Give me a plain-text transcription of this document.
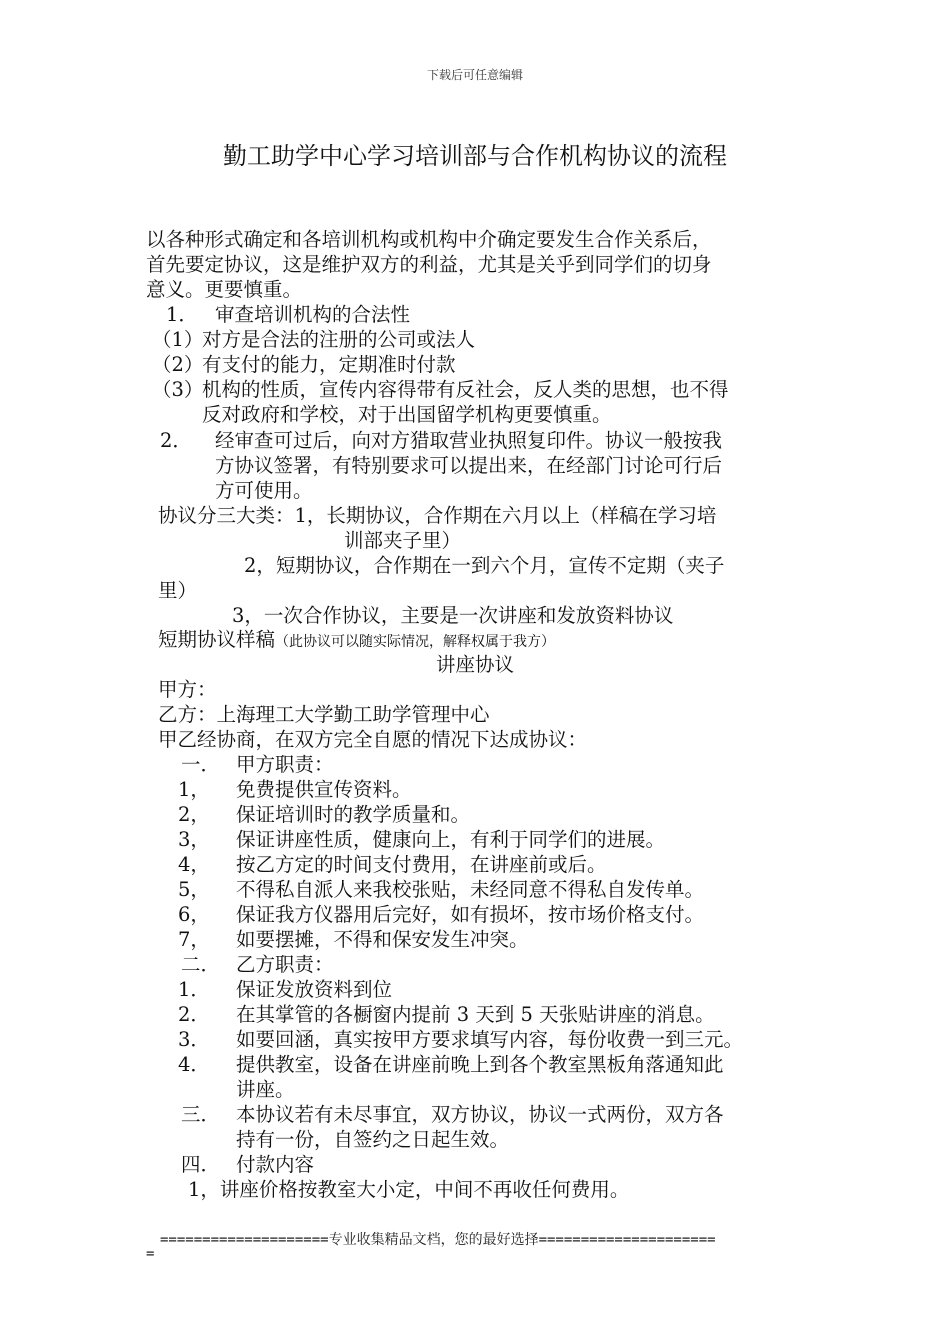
下载后可任意编辑
勤工助学中心学习培训部与合作机构协议的流程
以各种形式确定和各培训机构或机构中介确定要发生合作关系后，
首先要定协议，这是维护双方的利益，尤其是关乎到同学们的切身
意义。更要慎重。
1． 审查培训机构的合法性
（1）
对方是合法的注册的公司或法人
（2）
有支付的能力，定期准时付款
（3）
机构的性质，宣传内容得带有反社会，反人类的思想，也不得
反对政府和学校，对于出国留学机构更要慎重。
2． 经审查可过后，向对方猎取营业执照复印件。协议一般按我
方协议签署，有特别要求可以提出来，在经部门讨论可行后
方可使用。
协议分三大类：1，长期协议，合作期在六月以上（样稿在学习培
训部夹子里）
2，短期协议，合作期在一到六个月，宣传不定期（夹子
里）
3，一次合作协议，主要是一次讲座和发放资料协议
短期协议样稿（此协议可以随实际情况，解释权属于我方）
讲座协议
甲方：
乙方：上海理工大学勤工助学管理中心
甲乙经协商，在双方完全自愿的情况下达成协议：
一． 甲方职责：
1， 免费提供宣传资料。
2， 保证培训时的教学质量和。
3， 保证讲座性质，健康向上，有利于同学们的进展。
4， 按乙方定的时间支付费用，在讲座前或后。
5， 不得私自派人来我校张贴，未经同意不得私自发传单。
6， 保证我方仪器用后完好，如有损坏，按市场价格支付。
7， 如要摆摊，不得和保安发生冲突。
二． 乙方职责：
1． 保证发放资料到位
2． 在其掌管的各橱窗内提前 3 天到 5 天张贴讲座的消息。
3． 如要回涵，真实按甲方要求填写内容，每份收费一到三元。
4． 提供教室，设备在讲座前晚上到各个教室黑板角落通知此
讲座。
三． 本协议若有未尽事宜，双方协议，协议一式两份，双方各
持有一份，自签约之日起生效。
四． 付款内容
1，讲座价格按教室大小定，中间不再收任何费用。
====================专业收集精品文档，您的最好选择=====================
=
